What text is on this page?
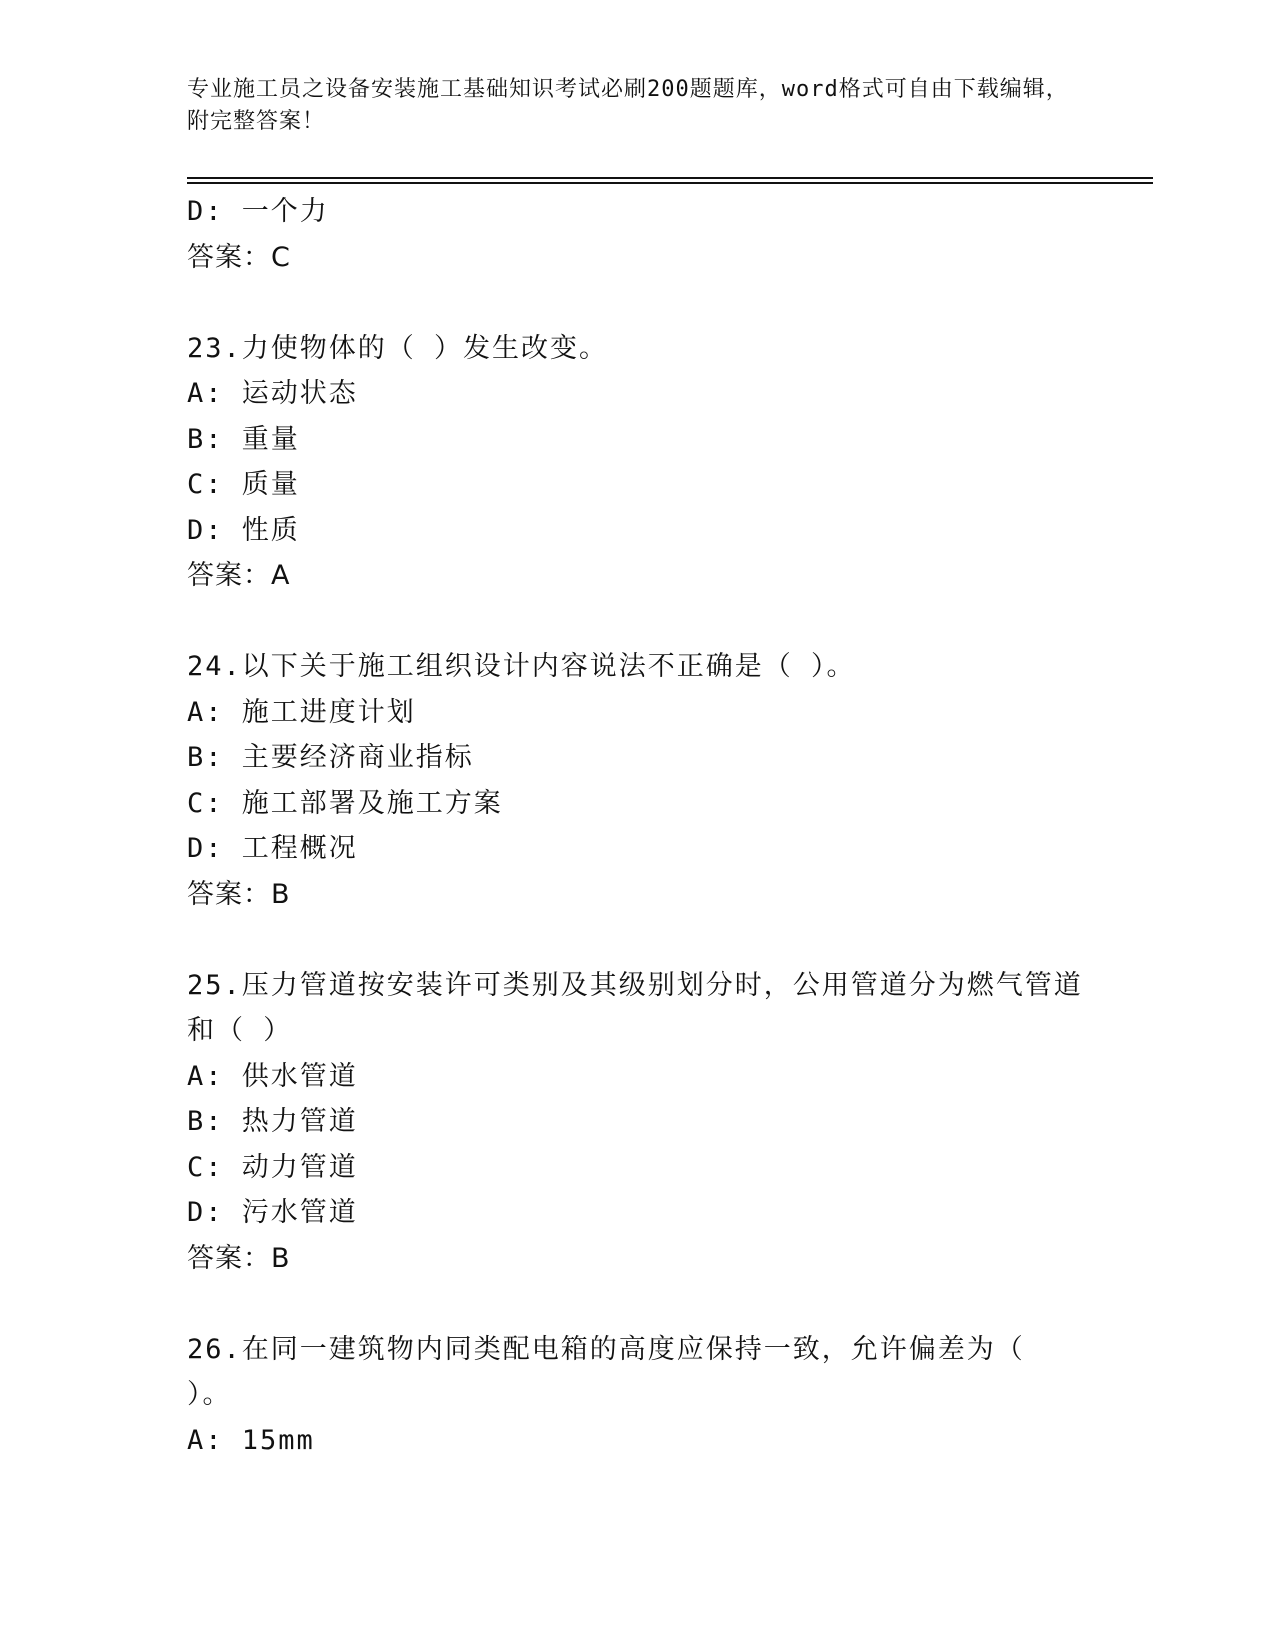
专业施工员之设备安装施工基础知识考试必刷200题题库，word格式可自由下载编辑，附完整答案！
D: 一个力
答案：C
23.力使物体的（ ）发生改变。
A: 运动状态
B: 重量
C: 质量
D: 性质
答案：A
24.以下关于施工组织设计内容说法不正确是（ ）。
A: 施工进度计划
B: 主要经济商业指标
C: 施工部署及施工方案
D: 工程概况
答案：B
25.压力管道按安装许可类别及其级别划分时，公用管道分为燃气管道和（ ）
A: 供水管道
B: 热力管道
C: 动力管道
D: 污水管道
答案：B
26.在同一建筑物内同类配电箱的高度应保持一致，允许偏差为（ ）。
A: 15mm
